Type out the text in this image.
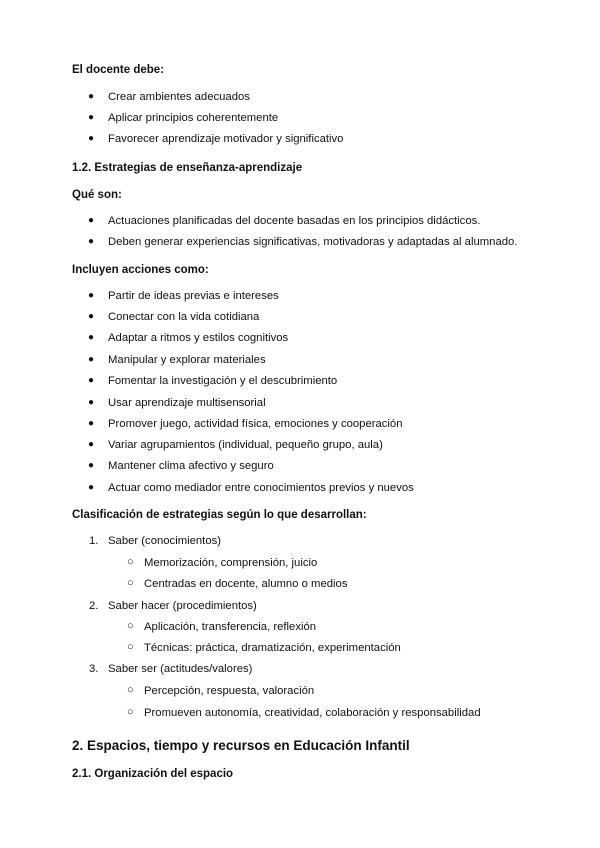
El docente debe:
● Crear ambientes adecuados
● Aplicar principios coherentemente
● Favorecer aprendizaje motivador y significativo
1.2. Estrategias de enseñanza-aprendizaje
Qué son:
● Actuaciones planificadas del docente basadas en los principios didácticos.
● Deben generar experiencias significativas, motivadoras y adaptadas al alumnado.
Incluyen acciones como:
● Partir de ideas previas e intereses
● Conectar con la vida cotidiana
● Adaptar a ritmos y estilos cognitivos
● Manipular y explorar materiales
● Fomentar la investigación y el descubrimiento
● Usar aprendizaje multisensorial
● Promover juego, actividad física, emociones y cooperación
● Variar agrupamientos (individual, pequeño grupo, aula)
● Mantener clima afectivo y seguro
● Actuar como mediador entre conocimientos previos y nuevos
Clasificación de estrategias según lo que desarrollan:
1. Saber (conocimientos)
○ Memorización, comprensión, juicio
○ Centradas en docente, alumno o medios
2. Saber hacer (procedimientos)
○ Aplicación, transferencia, reflexión
○ Técnicas: práctica, dramatización, experimentación
3. Saber ser (actitudes/valores)
○ Percepción, respuesta, valoración
○ Promueven autonomía, creatividad, colaboración y responsabilidad
2. Espacios, tiempo y recursos en Educación Infantil
2.1. Organización del espacio
